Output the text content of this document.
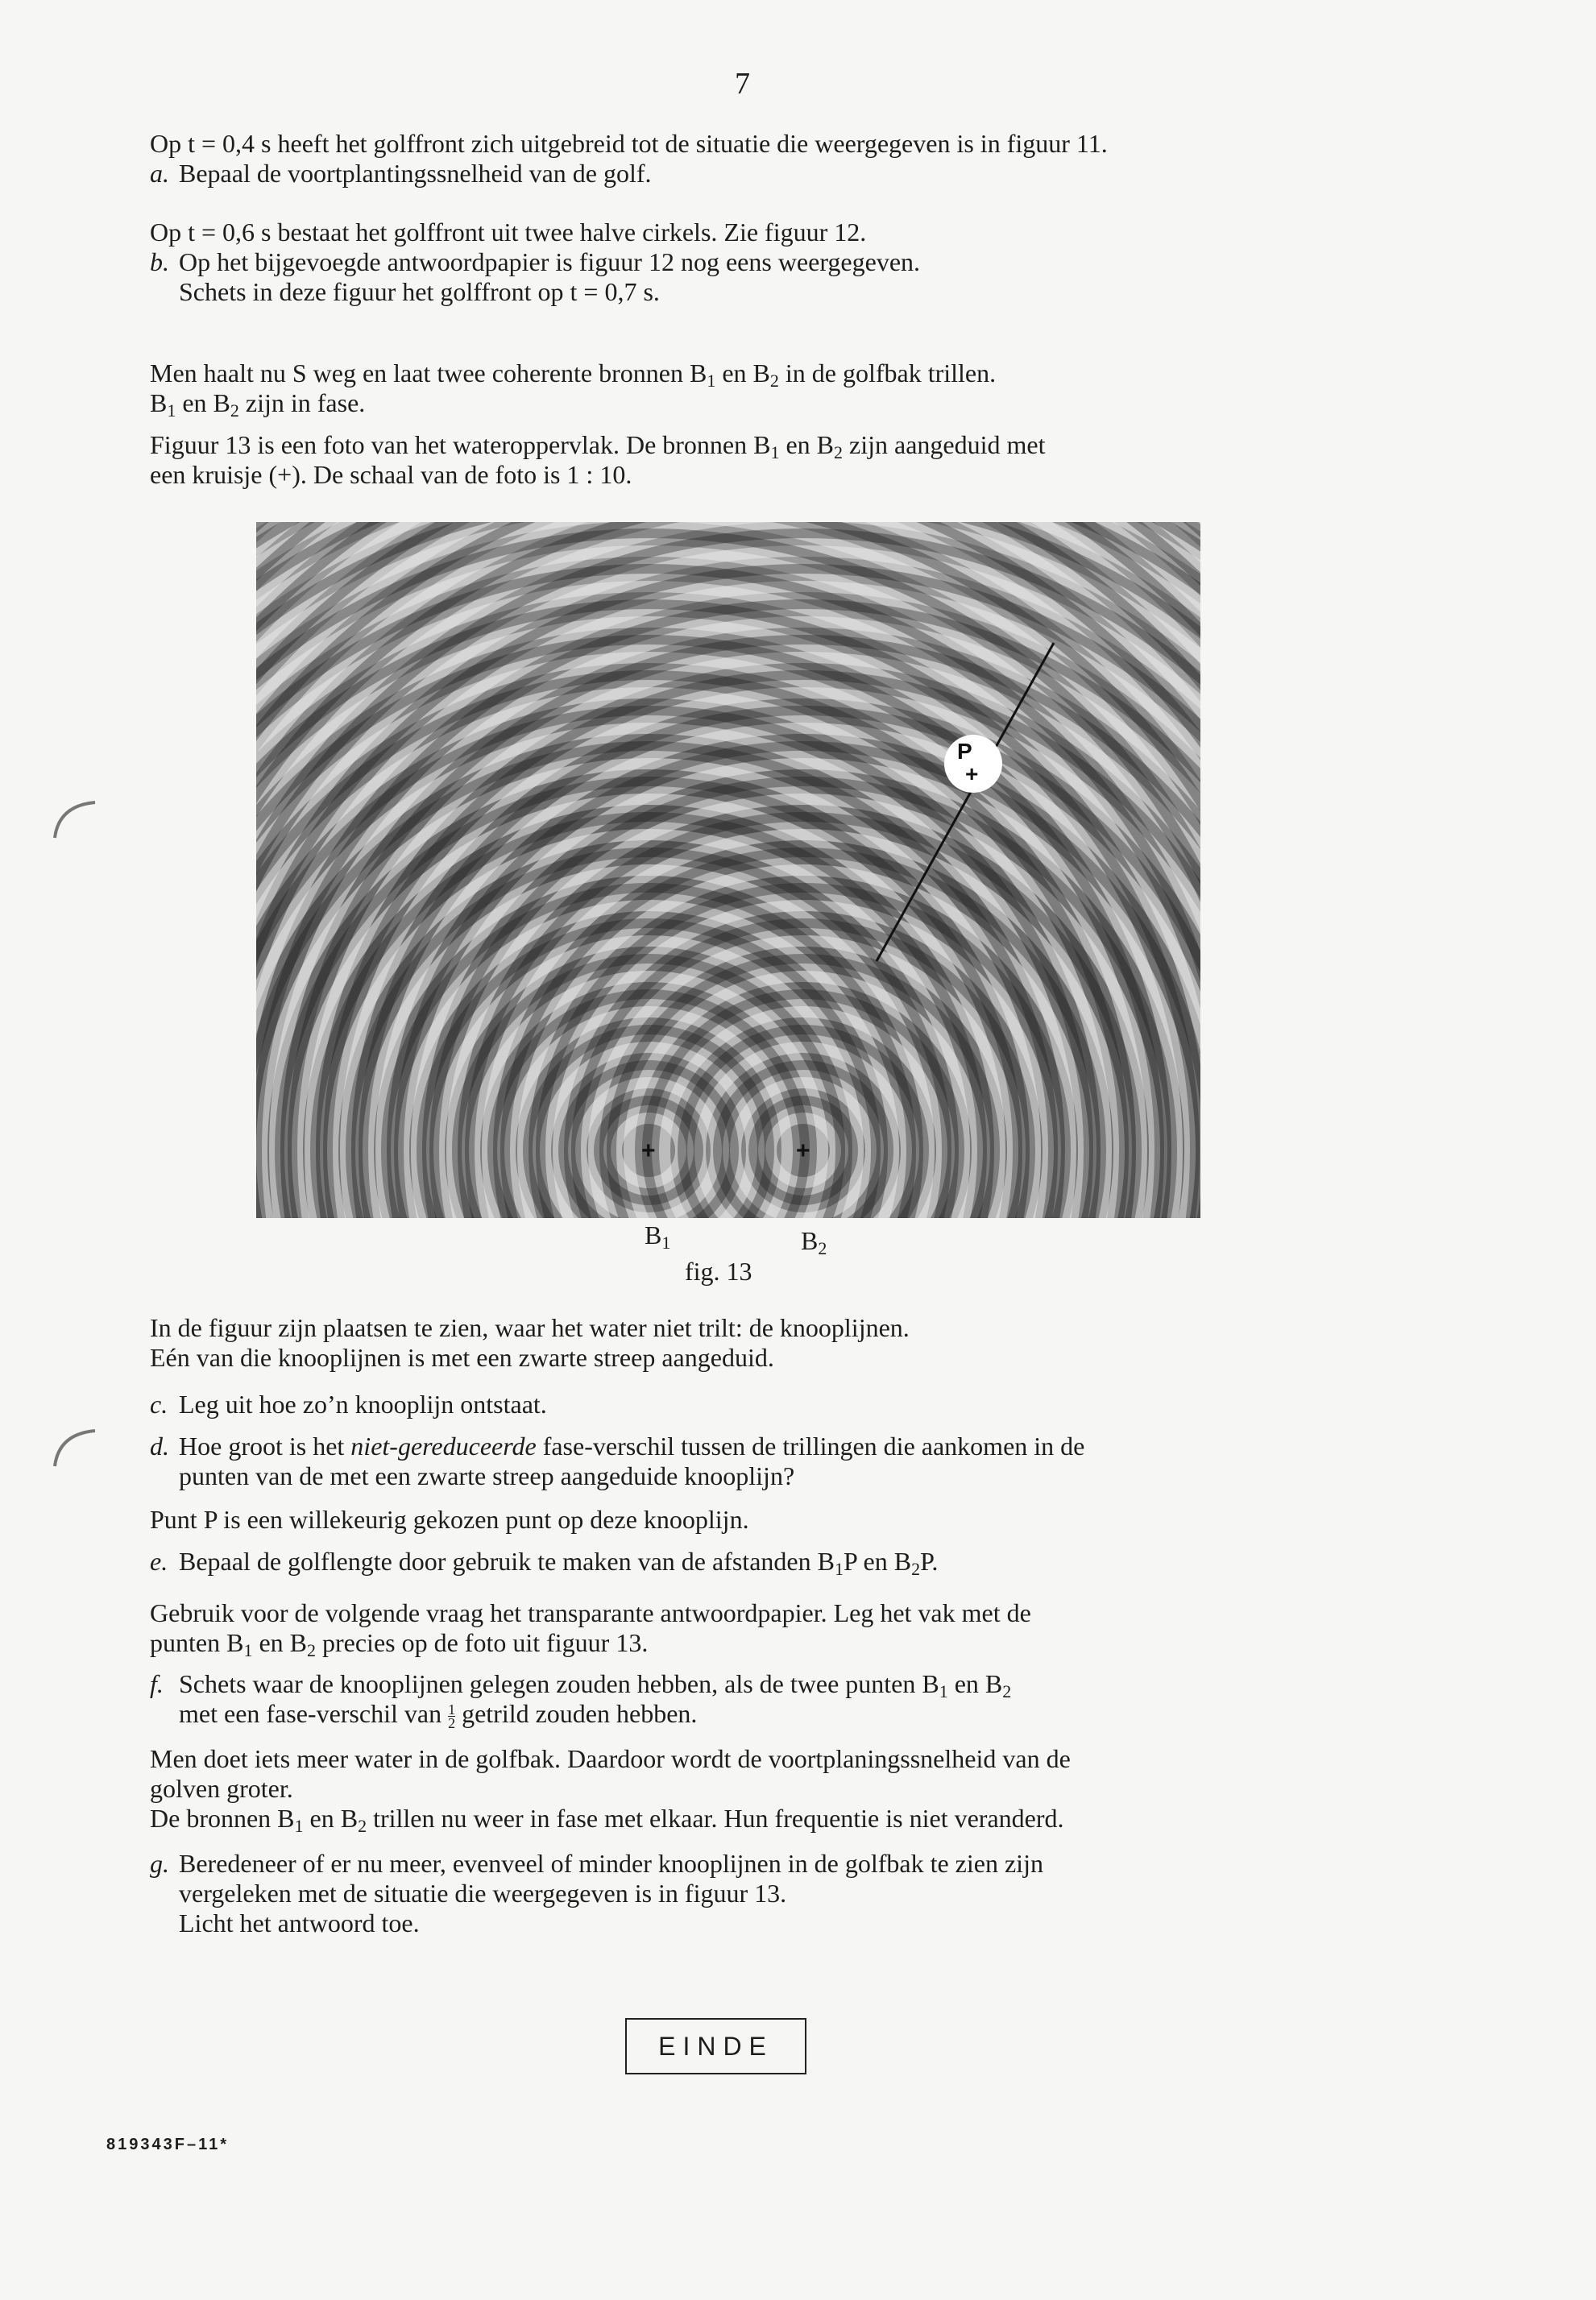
7
Op t = 0,4 s heeft het golffront zich uitgebreid tot de situatie die weergegeven is in figuur 11.
a. Bepaal de voortplantingssnelheid van de golf.
Op t = 0,6 s bestaat het golffront uit twee halve cirkels. Zie figuur 12.
b. Op het bijgevoegde antwoordpapier is figuur 12 nog eens weergegeven.
Schets in deze figuur het golffront op t = 0,7 s.
Men haalt nu S weg en laat twee coherente bronnen $B_1$ en $B_2$ in de golfbak trillen.
$B_1$ en $B_2$ zijn in fase.
Figuur 13 is een foto van het wateroppervlak. De bronnen $B_1$ en $B_2$ zijn aangeduid met
een kruisje (+). De schaal van de foto is 1 : 10.
P
+
+	+
$B_1$	$B_2$
fig. 13
In de figuur zijn plaatsen te zien, waar het water niet trilt: de knooplijnen.
Eén van die knooplijnen is met een zwarte streep aangeduid.
c. Leg uit hoe zo’n knooplijn ontstaat.
d. Hoe groot is het niet-gereduceerde fase-verschil tussen de trillingen die aankomen in de
punten van de met een zwarte streep aangeduide knooplijn?
Punt P is een willekeurig gekozen punt op deze knooplijn.
e. Bepaal de golflengte door gebruik te maken van de afstanden $B_1P$ en $B_2P$.
Gebruik voor de volgende vraag het transparante antwoordpapier. Leg het vak met de
punten $B_1$ en $B_2$ precies op de foto uit figuur 13.
f. Schets waar de knooplijnen gelegen zouden hebben, als de twee punten $B_1$ en $B_2$
met een fase-verschil van $\frac{1}{2}$ getrild zouden hebben.
Men doet iets meer water in de golfbak. Daardoor wordt de voortplaningssnelheid van de
golven groter.
De bronnen $B_1$ en $B_2$ trillen nu weer in fase met elkaar. Hun frequentie is niet veranderd.
g. Beredeneer of er nu meer, evenveel of minder knooplijnen in de golfbak te zien zijn
vergeleken met de situatie die weergegeven is in figuur 13.
Licht het antwoord toe.
EINDE
819343F–11*
